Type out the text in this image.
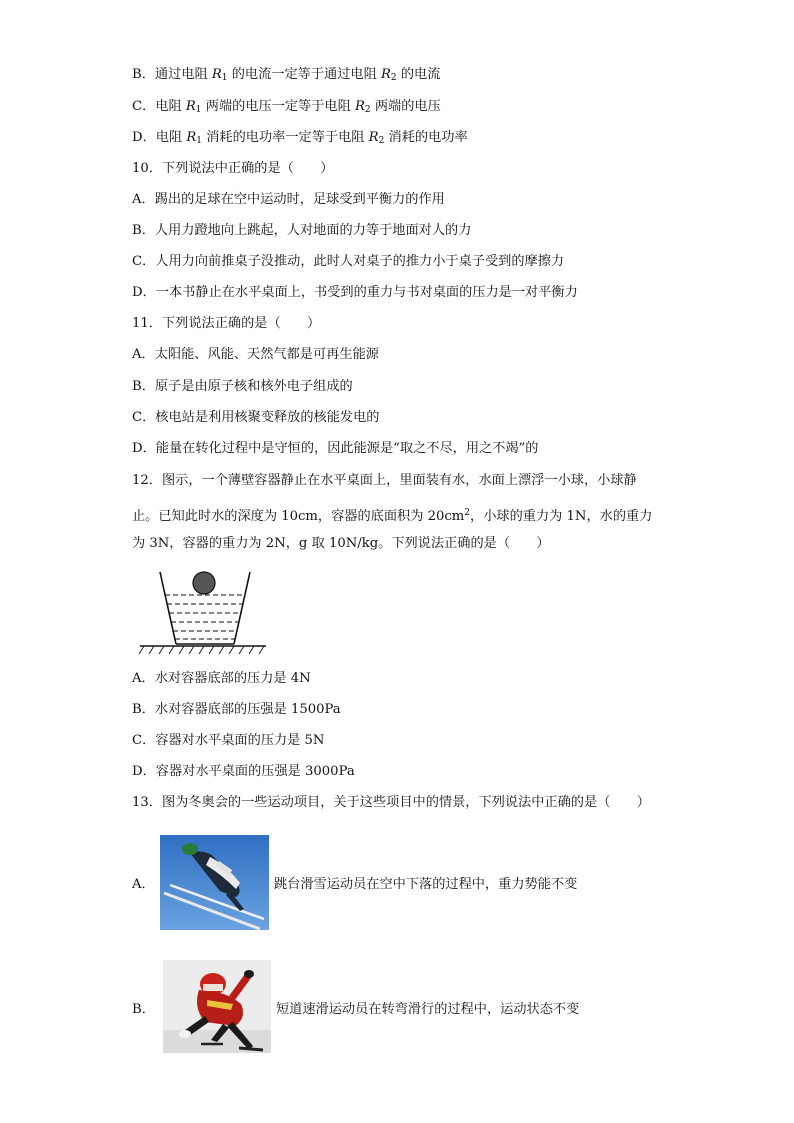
B．通过电阻 $R_1$ 的电流一定等于通过电阻 $R_2$ 的电流
C．电阻 $R_1$ 两端的电压一定等于电阻 $R_2$ 两端的电压
D．电阻 $R_1$ 消耗的电功率一定等于电阻 $R_2$ 消耗的电功率
10．下列说法中正确的是（　　）
A．踢出的足球在空中运动时，足球受到平衡力的作用
B．人用力蹬地向上跳起，人对地面的力等于地面对人的力
C．人用力向前推桌子没推动，此时人对桌子的推力小于桌子受到的摩擦力
D．一本书静止在水平桌面上，书受到的重力与书对桌面的压力是一对平衡力
11．下列说法正确的是（　　）
A．太阳能、风能、天然气都是可再生能源
B．原子是由原子核和核外电子组成的
C．核电站是利用核聚变释放的核能发电的
D．能量在转化过程中是守恒的，因此能源是“取之不尽，用之不竭”的
12．图示，一个薄壁容器静止在水平桌面上，里面装有水，水面上漂浮一小球，小球静
止。已知此时水的深度为 10cm，容器的底面积为 $20cm^2$，小球的重力为 1N，水的重力
为 3N，容器的重力为 2N，g 取 10N/kg。下列说法正确的是（　　）
A．水对容器底部的压力是 4N
B．水对容器底部的压强是 1500Pa
C．容器对水平桌面的压力是 5N
D．容器对水平桌面的压强是 3000Pa
13．图为冬奥会的一些运动项目，关于这些项目中的情景，下列说法中正确的是（　　）
A．	跳台滑雪运动员在空中下落的过程中，重力势能不变
B．	短道速滑运动员在转弯滑行的过程中，运动状态不变
